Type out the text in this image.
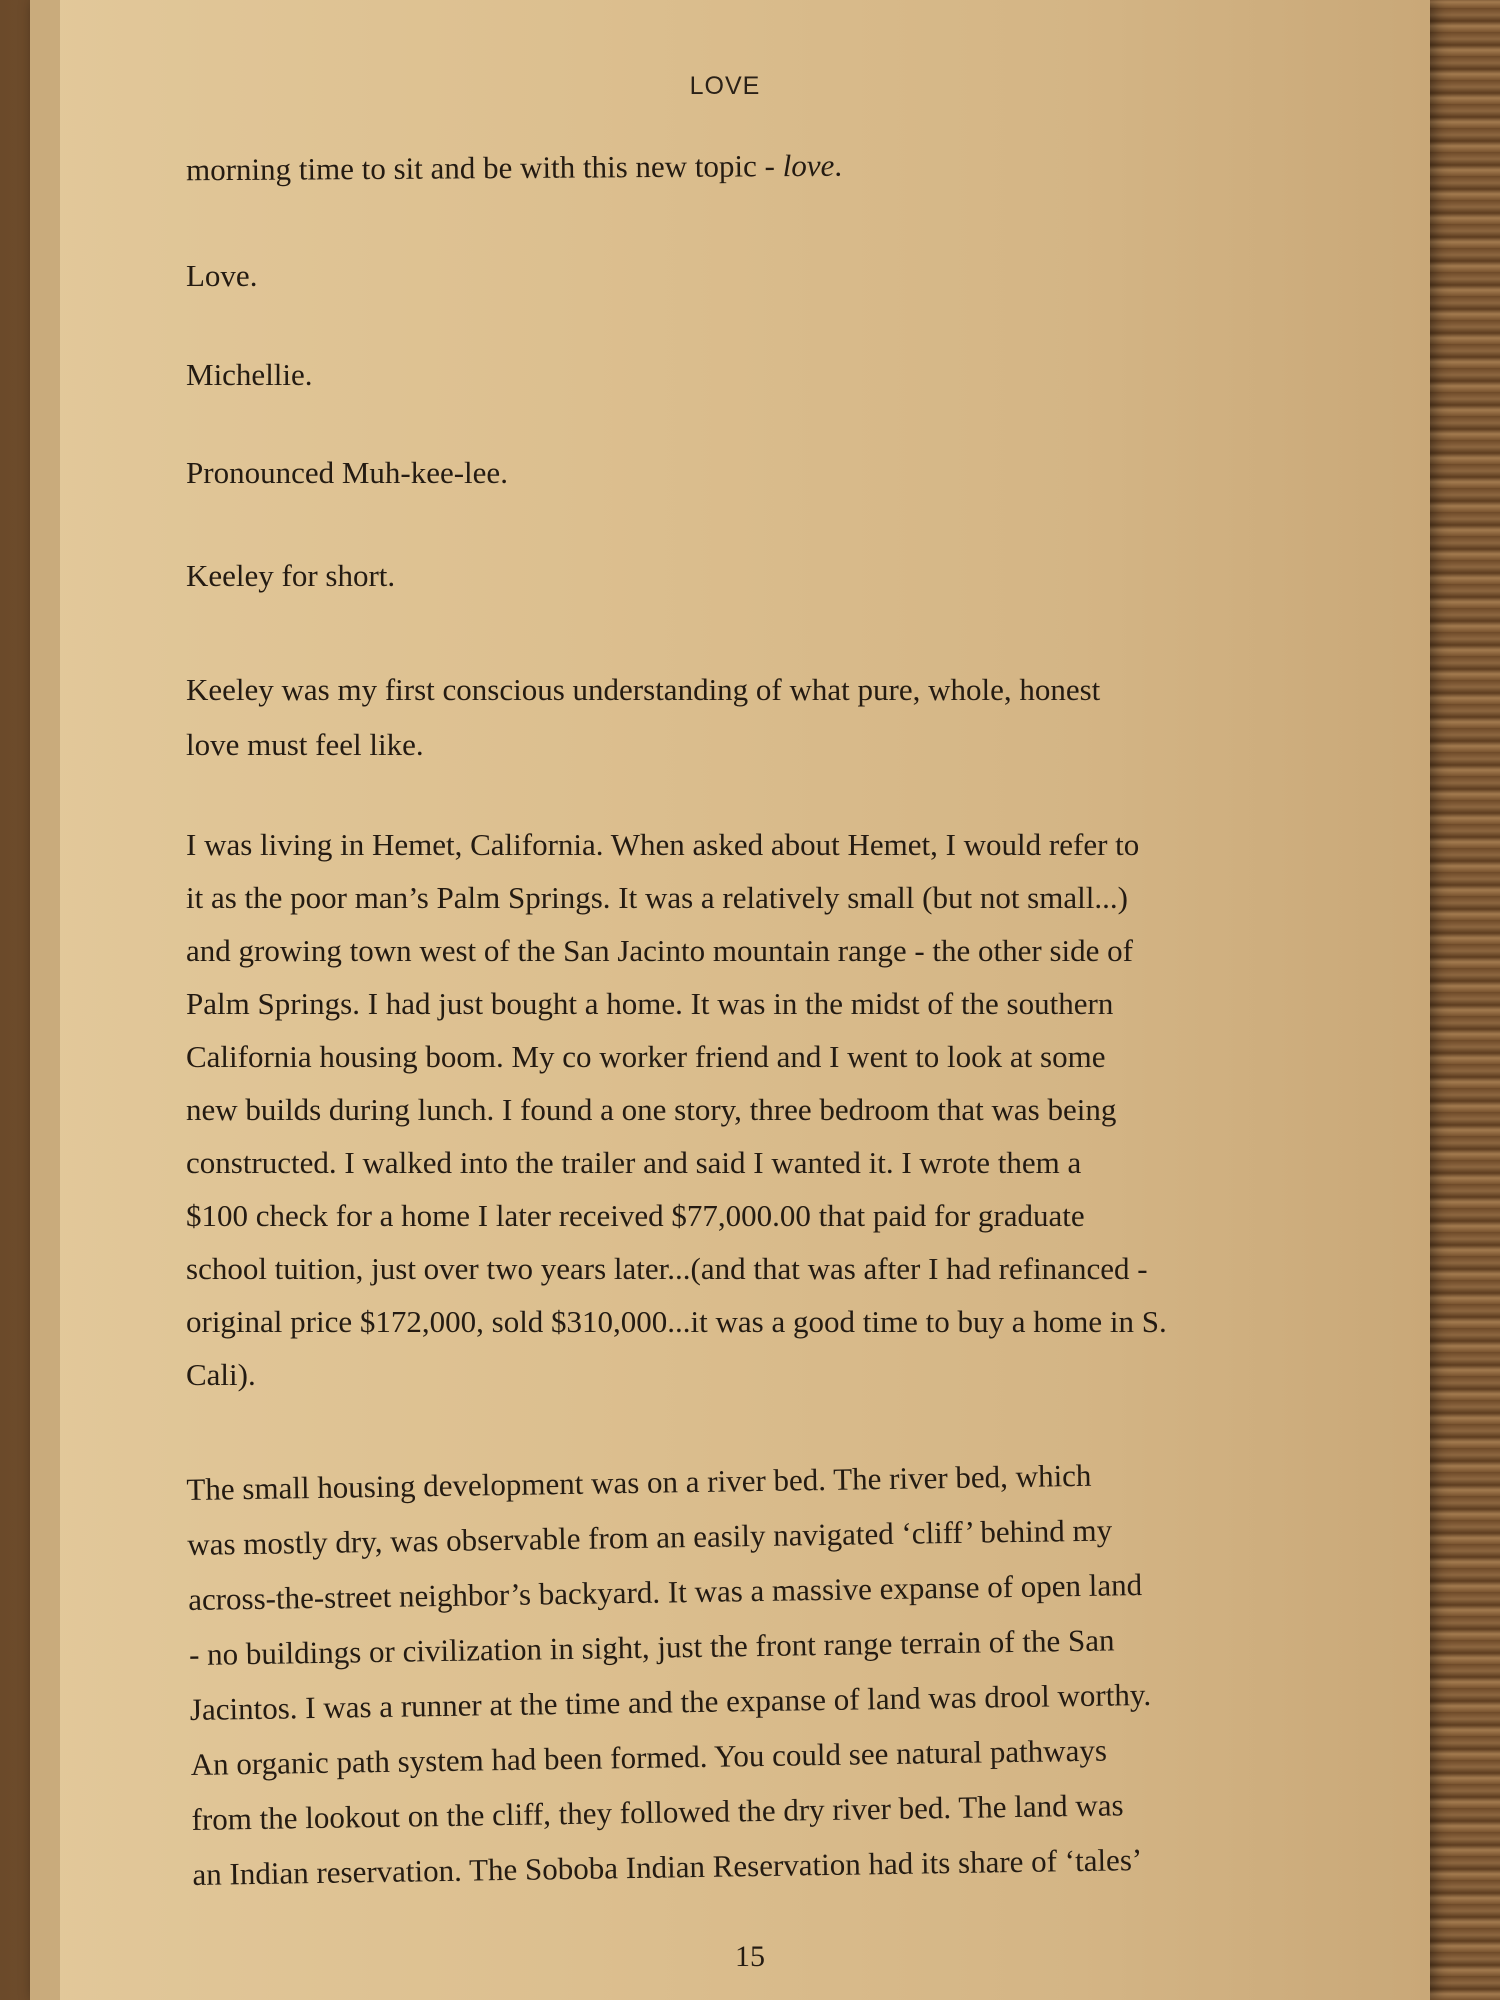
LOVE
morning time to sit and be with this new topic - love.
Love.
Michellie.
Pronounced Muh-kee-lee.
Keeley for short.
Keeley was my first conscious understanding of what pure, whole, honest
love must feel like.
I was living in Hemet, California. When asked about Hemet, I would refer to
it as the poor man’s Palm Springs. It was a relatively small (but not small...)
and growing town west of the San Jacinto mountain range - the other side of
Palm Springs. I had just bought a home. It was in the midst of the southern
California housing boom. My co worker friend and I went to look at some
new builds during lunch. I found a one story, three bedroom that was being
constructed. I walked into the trailer and said I wanted it. I wrote them a
$100 check for a home I later received $77,000.00 that paid for graduate
school tuition, just over two years later...(and that was after I had refinanced -
original price $172,000, sold $310,000...it was a good time to buy a home in S.
Cali).
The small housing development was on a river bed. The river bed, which
was mostly dry, was observable from an easily navigated ‘cliff’ behind my
across-the-street neighbor’s backyard. It was a massive expanse of open land
- no buildings or civilization in sight, just the front range terrain of the San
Jacintos. I was a runner at the time and the expanse of land was drool worthy.
An organic path system had been formed. You could see natural pathways
from the lookout on the cliff, they followed the dry river bed. The land was
an Indian reservation. The Soboba Indian Reservation had its share of ‘tales’
15
